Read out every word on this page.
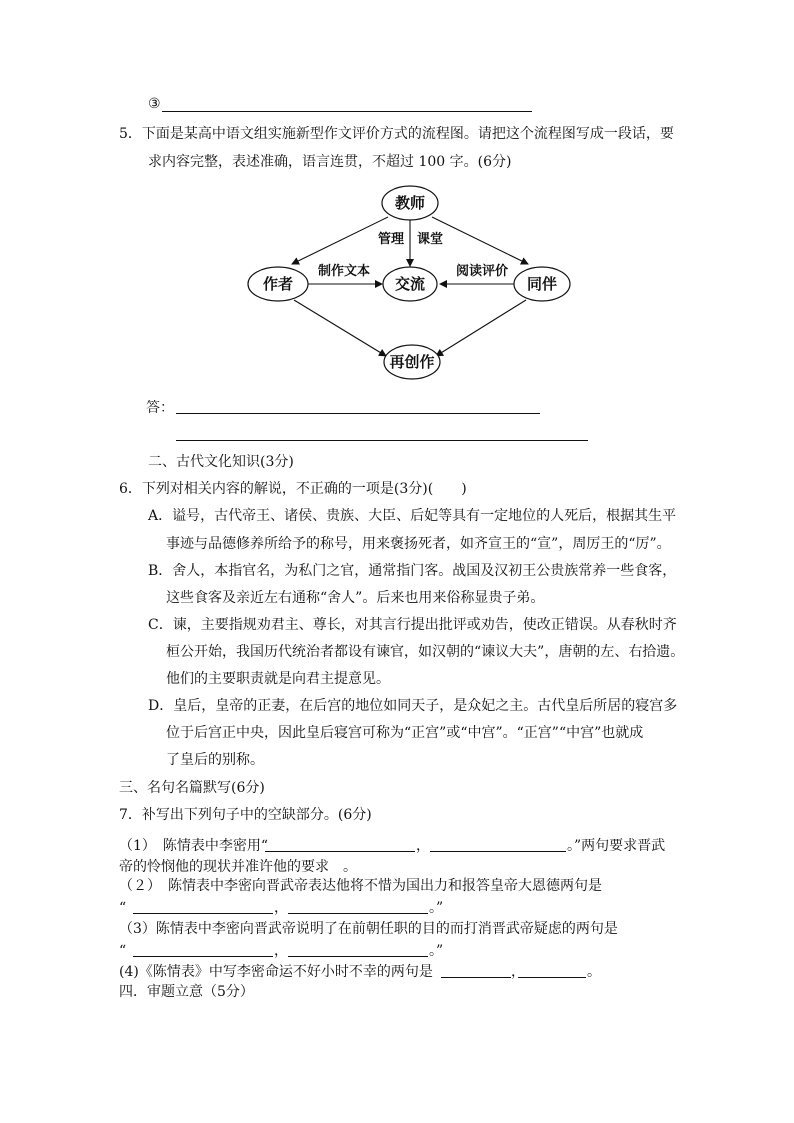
③
5．下面是某高中语文组实施新型作文评价方式的流程图。请把这个流程图写成一段话，要
求内容完整，表述准确，语言连贯，不超过 100 字。(6分)
教师
作者	交流	同伴
再创作
管理 课堂
制作文本	阅读评价
答：
二、古代文化知识(3分)
6．下列对相关内容的解说，不正确的一项是(3分)(　　)
A．谥号，古代帝王、诸侯、贵族、大臣、后妃等具有一定地位的人死后，根据其生平
事迹与品德修养所给予的称号，用来褒扬死者，如齐宣王的“宣”，周厉王的“厉”。
B．舍人，本指官名，为私门之官，通常指门客。战国及汉初王公贵族常养一些食客，
这些食客及亲近左右通称“舍人”。后来也用来俗称显贵子弟。
C．谏，主要指规劝君主、尊长，对其言行提出批评或劝告，使改正错误。从春秋时齐
桓公开始，我国历代统治者都设有谏官，如汉朝的“谏议大夫”，唐朝的左、右拾遗。
他们的主要职责就是向君主提意见。
D．皇后，皇帝的正妻，在后宫的地位如同天子，是众妃之主。古代皇后所居的寝宫多
位于后宫正中央，因此皇后寝宫可称为“正宫”或“中宫”。“正宫”“中宫”也就成
了皇后的别称。
三、名句名篇默写(6分)
7．补写出下列句子中的空缺部分。(6分)
（1）　陈情表中李密用“	，	。”两句要求晋武
帝的怜悯他的现状并准许他的要求　。
（２）　陈情表中李密向晋武帝表达他将不惜为国出力和报答皇帝大恩德两句是
“	，	。”
（3）陈情表中李密向晋武帝说明了在前朝任职的目的而打消晋武帝疑虑的两句是
“	，	。”
(4)《陈情表》中写李密命运不好小时不幸的两句是	，	。
四．审题立意（5分）
